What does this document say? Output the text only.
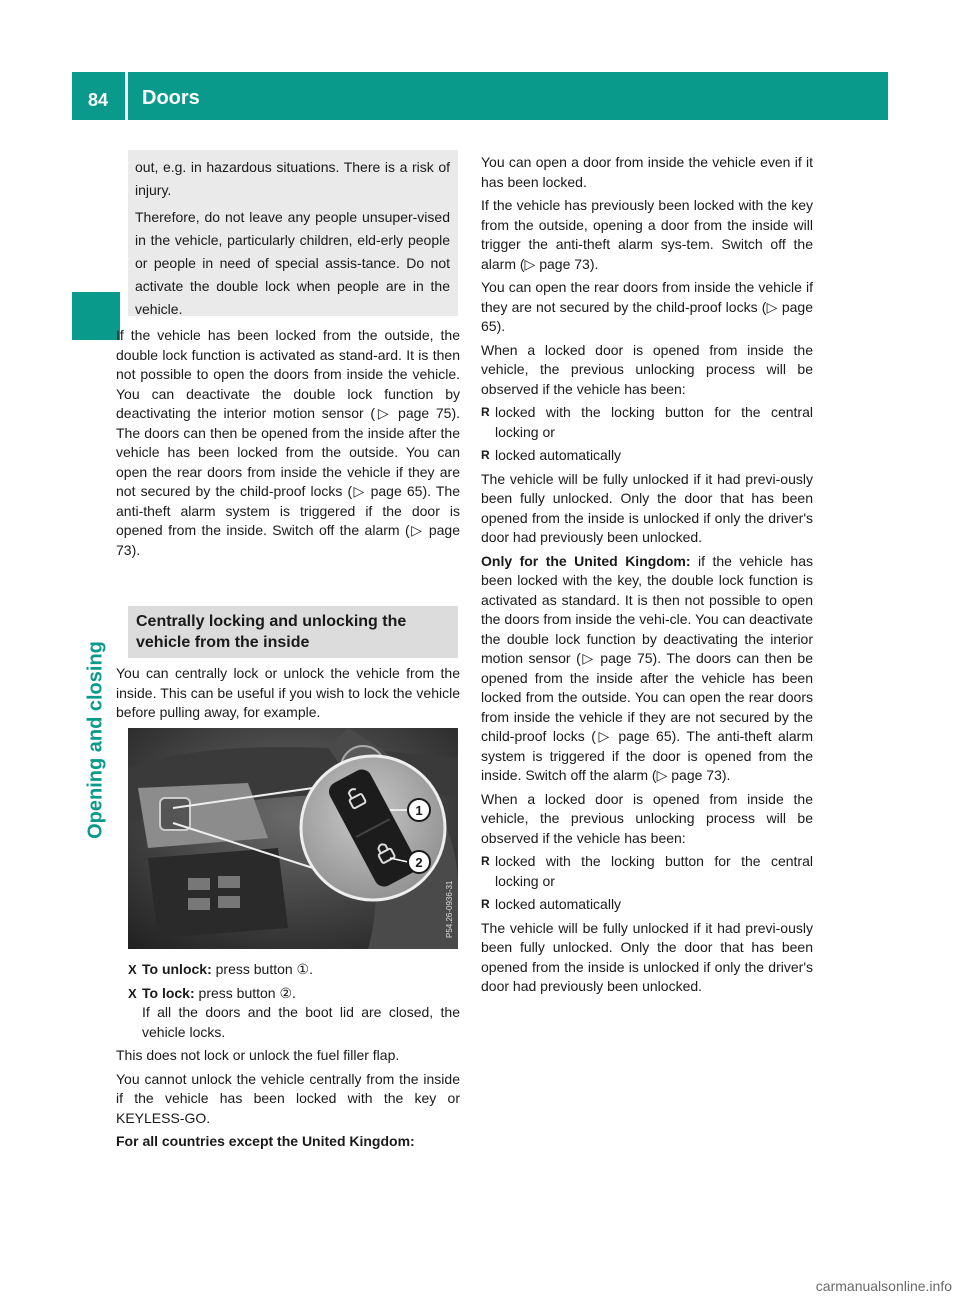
84 Doors
Opening and closing

out, e.g. in hazardous situations. There is a risk of injury.

Therefore, do not leave any people unsuper-vised in the vehicle, particularly children, eld-erly people or people in need of special assis-tance. Do not activate the double lock when people are in the vehicle.

If the vehicle has been locked from the outside, the double lock function is activated as stand-ard. It is then not possible to open the doors from inside the vehicle. You can deactivate the double lock function by deactivating the interior motion sensor (▷ page 75). The doors can then be opened from the inside after the vehicle has been locked from the outside. You can open the rear doors from inside the vehicle if they are not secured by the child-proof locks (▷ page 65). The anti-theft alarm system is triggered if the door is opened from the inside. Switch off the alarm (▷ page 73).

Centrally locking and unlocking the vehicle from the inside

You can centrally lock or unlock the vehicle from the inside. This can be useful if you wish to lock the vehicle before pulling away, for example.

1
2
P54.26-0936-31

X To unlock: press button ①.

X To lock: press button ②.

If all the doors and the boot lid are closed, the vehicle locks.

This does not lock or unlock the fuel filler flap.

You cannot unlock the vehicle centrally from the inside if the vehicle has been locked with the key or KEYLESS-GO.

For all countries except the United Kingdom:

You can open a door from inside the vehicle even if it has been locked.

If the vehicle has previously been locked with the key from the outside, opening a door from the inside will trigger the anti-theft alarm sys-tem. Switch off the alarm (▷ page 73).

You can open the rear doors from inside the vehicle if they are not secured by the child-proof locks (▷ page 65).

When a locked door is opened from inside the vehicle, the previous unlocking process will be observed if the vehicle has been:

R locked with the locking button for the central locking or

R locked automatically

The vehicle will be fully unlocked if it had previ-ously been fully unlocked. Only the door that has been opened from the inside is unlocked if only the driver's door had previously been unlocked.

Only for the United Kingdom: if the vehicle has been locked with the key, the double lock function is activated as standard. It is then not possible to open the doors from inside the vehi-cle. You can deactivate the double lock function by deactivating the interior motion sensor (▷ page 75). The doors can then be opened from the inside after the vehicle has been locked from the outside. You can open the rear doors from inside the vehicle if they are not secured by the child-proof locks (▷ page 65). The anti-theft alarm system is triggered if the door is opened from the inside. Switch off the alarm (▷ page 73).

When a locked door is opened from inside the vehicle, the previous unlocking process will be observed if the vehicle has been:

R locked with the locking button for the central locking or

R locked automatically

The vehicle will be fully unlocked if it had previ-ously been fully unlocked. Only the door that has been opened from the inside is unlocked if only the driver's door had previously been unlocked.

carmanualsonline.info
